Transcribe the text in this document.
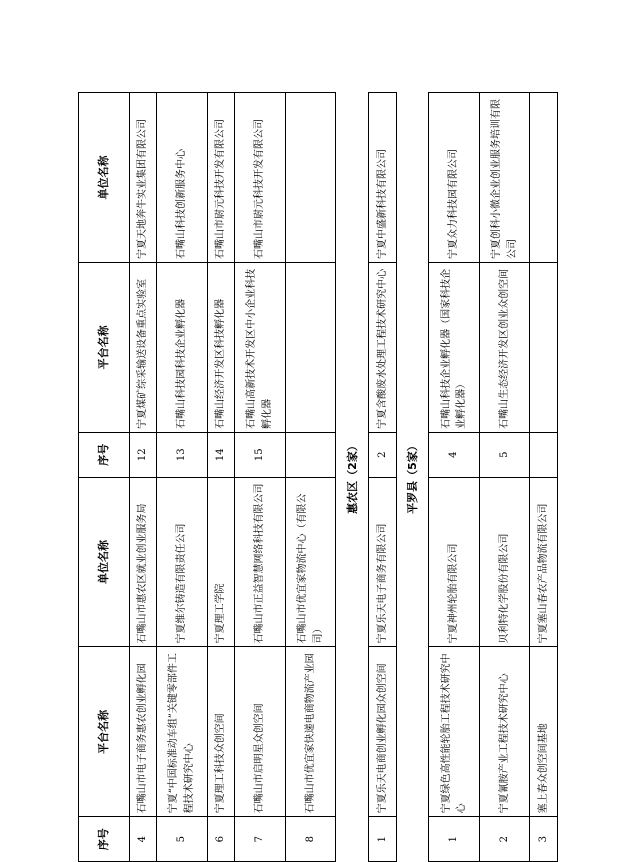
序号	平台名称	单位名称	序号	平台名称	单位名称
4	石嘴山市电子商务惠农创业孵化园	石嘴山市惠农区就业创业服务局	12	宁夏煤矿综采输送设备重点实验室	宁夏天地奔牛实业集团有限公司
5	宁夏“中国标准动车组”关键零部件工程技术研究中心	宁夏维尔铸造有限责任公司	13	石嘴山科技园科技企业孵化器	石嘴山科技创新服务中心
6	宁夏理工科技众创空间	宁夏理工学院	14	石嘴山经济开发区科技孵化器	石嘴山市尉元科技开发有限公司
7	石嘴山市启明星众创空间	石嘴山市正益智慧网络科技有限公司	15	石嘴山高新技术开发区中小企业科技孵化器	石嘴山市尉元科技开发有限公司
8	石嘴山市优宜家快递电商物流产业园	石嘴山市优宜家物流中心（有限公司）			
惠农区（2家）					
1	宁夏乐天电商创业孵化园众创空间	宁夏乐天电子商务有限公司	2	宁夏含酸废水处理工程技术研究中心	宁夏中盛新科技有限公司
平罗县（5家）					
1	宁夏绿色高性能轮胎工程技术研究中心	宁夏神州轮胎有限公司	4	石嘴山科技企业孵化器（国家科技企业孵化器）	宁夏众力科技园有限公司
2	宁夏氰胺产业工程技术研究中心	贝利特化学股份有限公司	5	石嘴山生态经济开发区创业众创空间	宁夏创科小微企业创业服务培训有限公司
3	塞上春众创空间基地	宁夏塞山春农产品物流有限公司			
